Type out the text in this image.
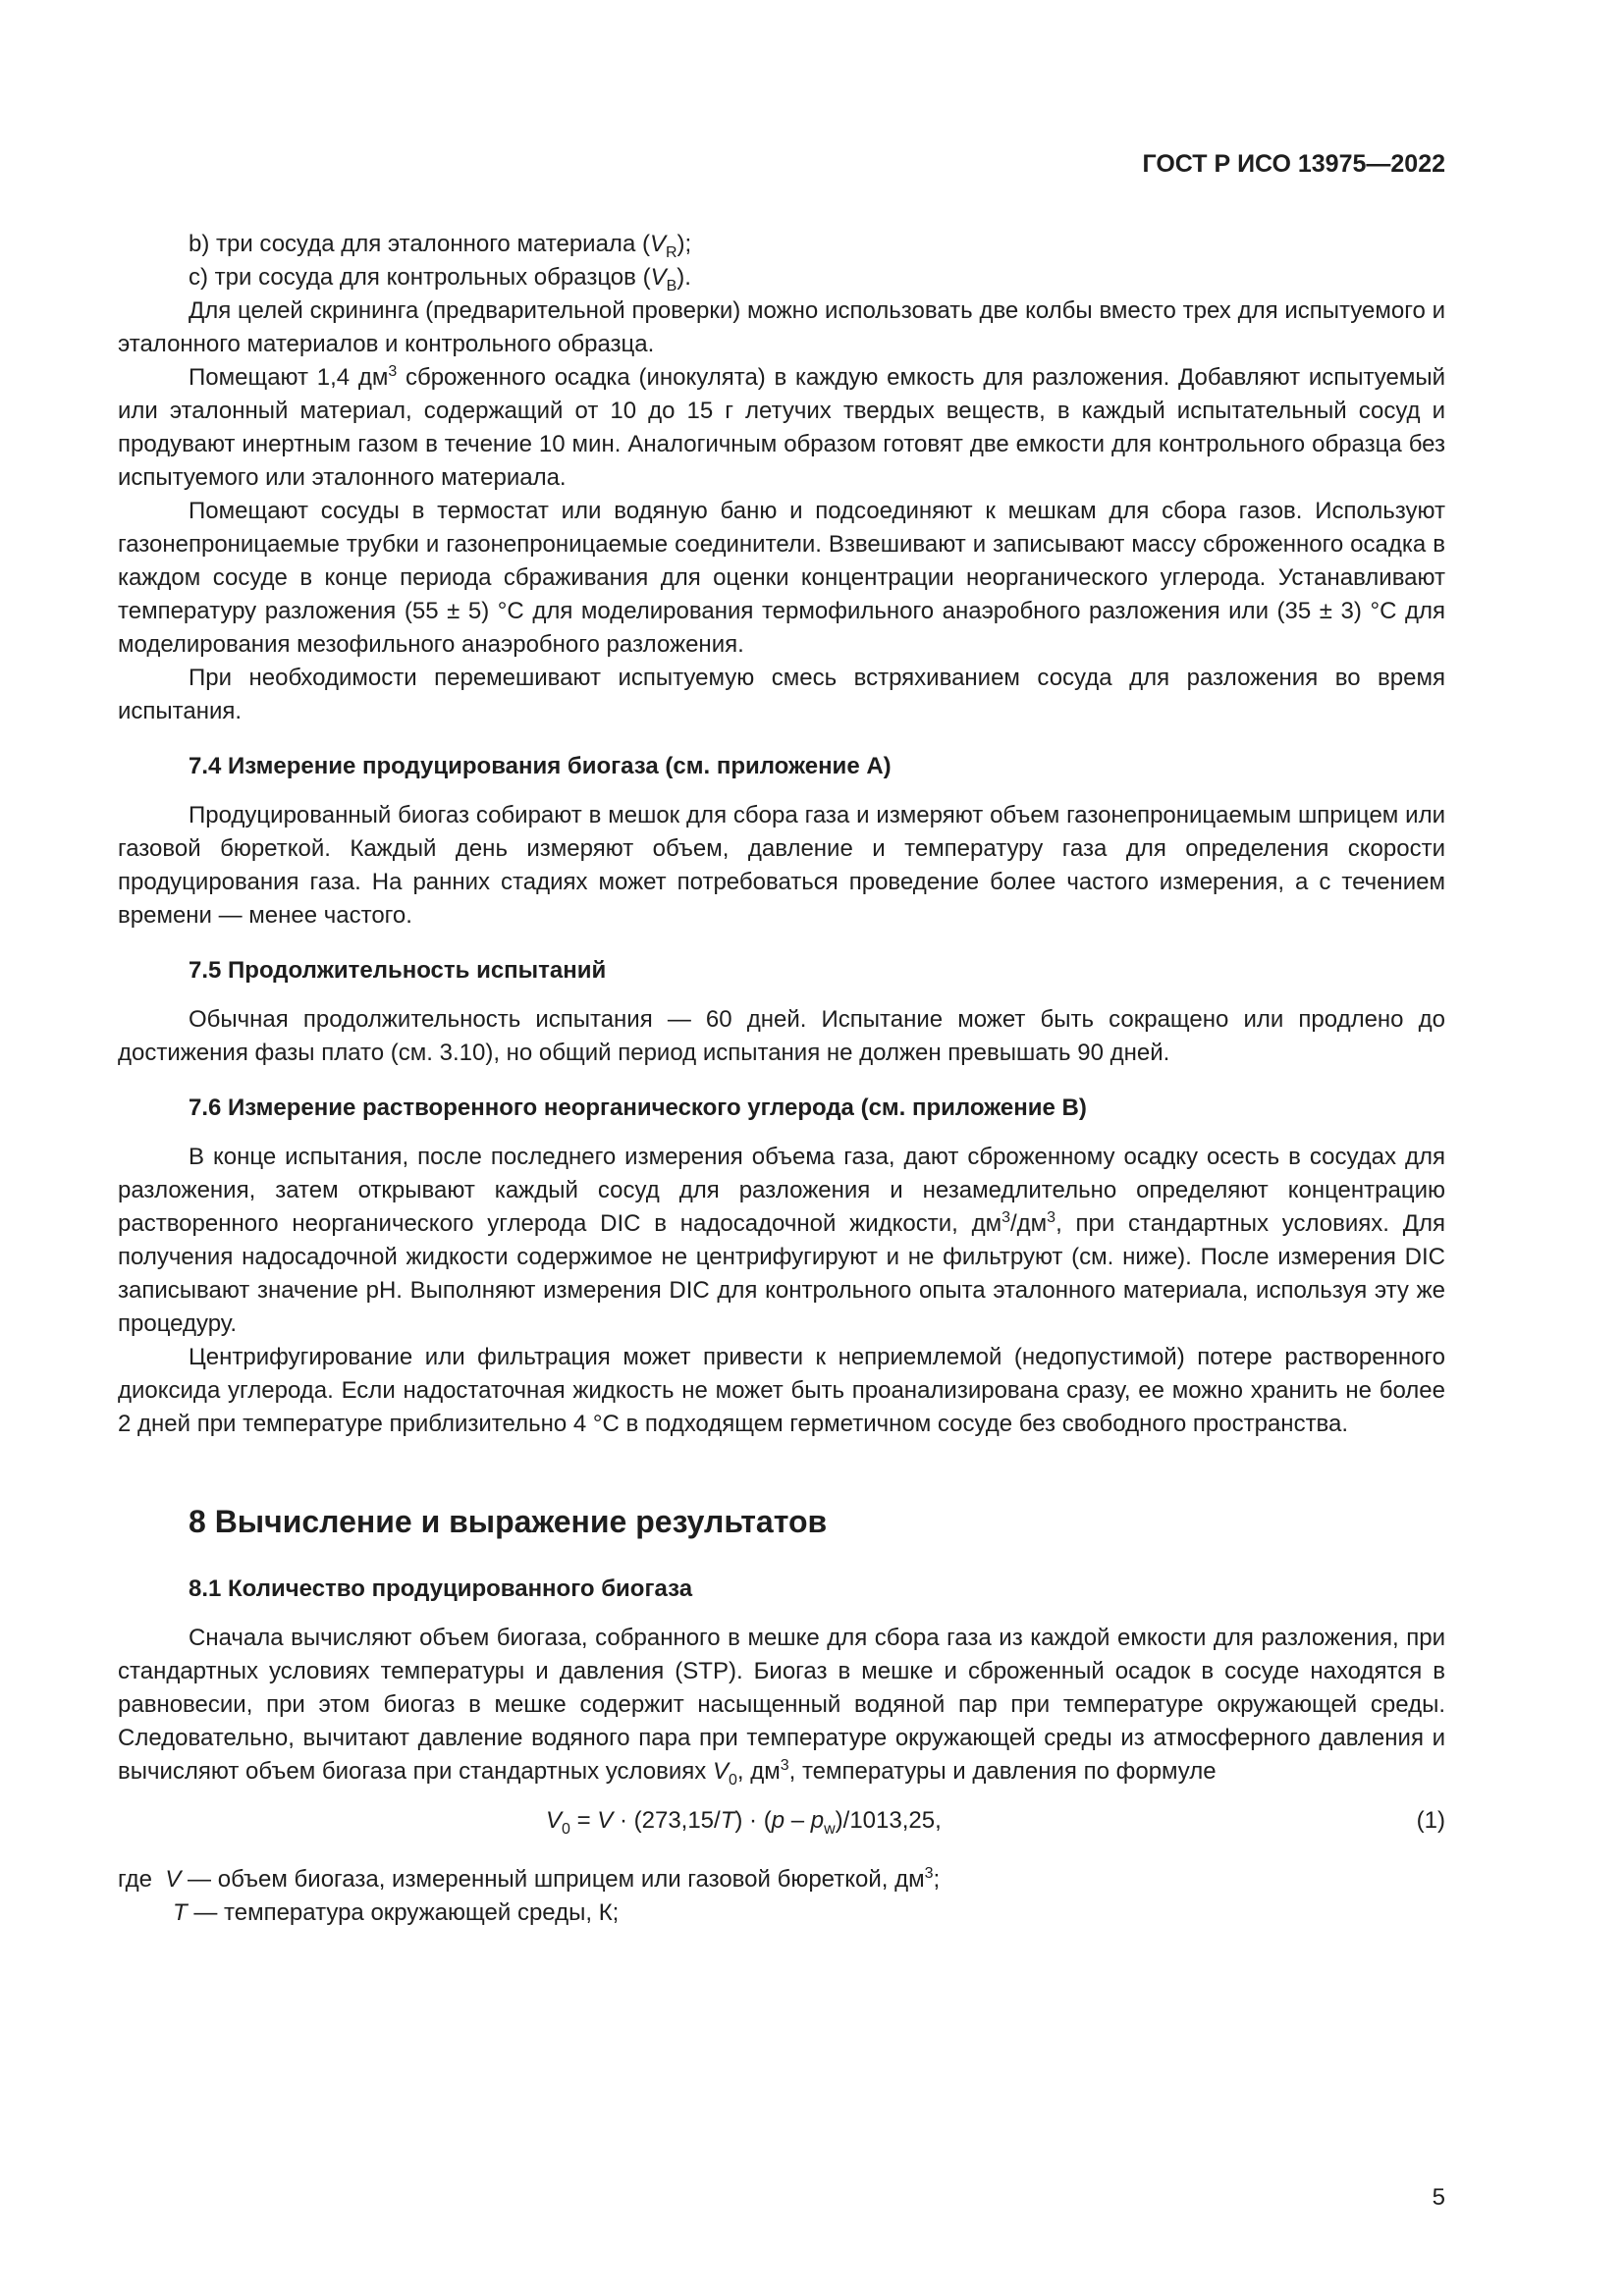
ГОСТ Р ИСО 13975—2022

b) три сосуда для эталонного материала $(V_R)$;

c) три сосуда для контрольных образцов $(V_B)$.

Для целей скрининга (предварительной проверки) можно использовать две колбы вместо трех для испытуемого и эталонного материалов и контрольного образца.

Помещают 1,4 $дм^3$ сброженного осадка (инокулята) в каждую емкость для разложения. Добавляют испытуемый или эталонный материал, содержащий от 10 до 15 г летучих твердых веществ, в каждый испытательный сосуд и продувают инертным газом в течение 10 мин. Аналогичным образом готовят две емкости для контрольного образца без испытуемого или эталонного материала.

Помещают сосуды в термостат или водяную баню и подсоединяют к мешкам для сбора газов. Используют газонепроницаемые трубки и газонепроницаемые соединители. Взвешивают и записывают массу сброженного осадка в каждом сосуде в конце периода сбраживания для оценки концентрации неорганического углерода. Устанавливают температуру разложения (55 ± 5) °С для моделирования термофильного анаэробного разложения или (35 ± 3) °С для моделирования мезофильного анаэробного разложения.

При необходимости перемешивают испытуемую смесь встряхиванием сосуда для разложения во время испытания.

7.4 Измерение продуцирования биогаза (см. приложение А)

Продуцированный биогаз собирают в мешок для сбора газа и измеряют объем газонепроницаемым шприцем или газовой бюреткой. Каждый день измеряют объем, давление и температуру газа для определения скорости продуцирования газа. На ранних стадиях может потребоваться проведение более частого измерения, а с течением времени — менее частого.

7.5 Продолжительность испытаний

Обычная продолжительность испытания — 60 дней. Испытание может быть сокращено или продлено до достижения фазы плато (см. 3.10), но общий период испытания не должен превышать 90 дней.

7.6 Измерение растворенного неорганического углерода (см. приложение В)

В конце испытания, после последнего измерения объема газа, дают сброженному осадку осесть в сосудах для разложения, затем открывают каждый сосуд для разложения и незамедлительно определяют концентрацию растворенного неорганического углерода DIC в надосадочной жидкости, $дм^3/дм^3$, при стандартных условиях. Для получения надосадочной жидкости содержимое не центрифугируют и не фильтруют (см. ниже). После измерения DIC записывают значение pH. Выполняют измерения DIC для контрольного опыта эталонного материала, используя эту же процедуру.

Центрифугирование или фильтрация может привести к неприемлемой (недопустимой) потере растворенного диоксида углерода. Если надостаточная жидкость не может быть проанализирована сразу, ее можно хранить не более 2 дней при температуре приблизительно 4 °С в подходящем герметичном сосуде без свободного пространства.

8 Вычисление и выражение результатов
8.1 Количество продуцированного биогаза

Сначала вычисляют объем биогаза, собранного в мешке для сбора газа из каждой емкости для разложения, при стандартных условиях температуры и давления (STP). Биогаз в мешке и сброженный осадок в сосуде находятся в равновесии, при этом биогаз в мешке содержит насыщенный водяной пар при температуре окружающей среды. Следовательно, вычитают давление водяного пара при температуре окружающей среды из атмосферного давления и вычисляют объем биогаза при стандартных условиях $V_0$, $дм^3$, температуры и давления по формуле

$V_0 = V \cdot (273,15/T) \cdot (p - p_w)/1013,25$,	(1)
где  V — объем биогаза, измеренный шприцем или газовой бюреткой, $дм^3$;
T — температура окружающей среды, К;

5
